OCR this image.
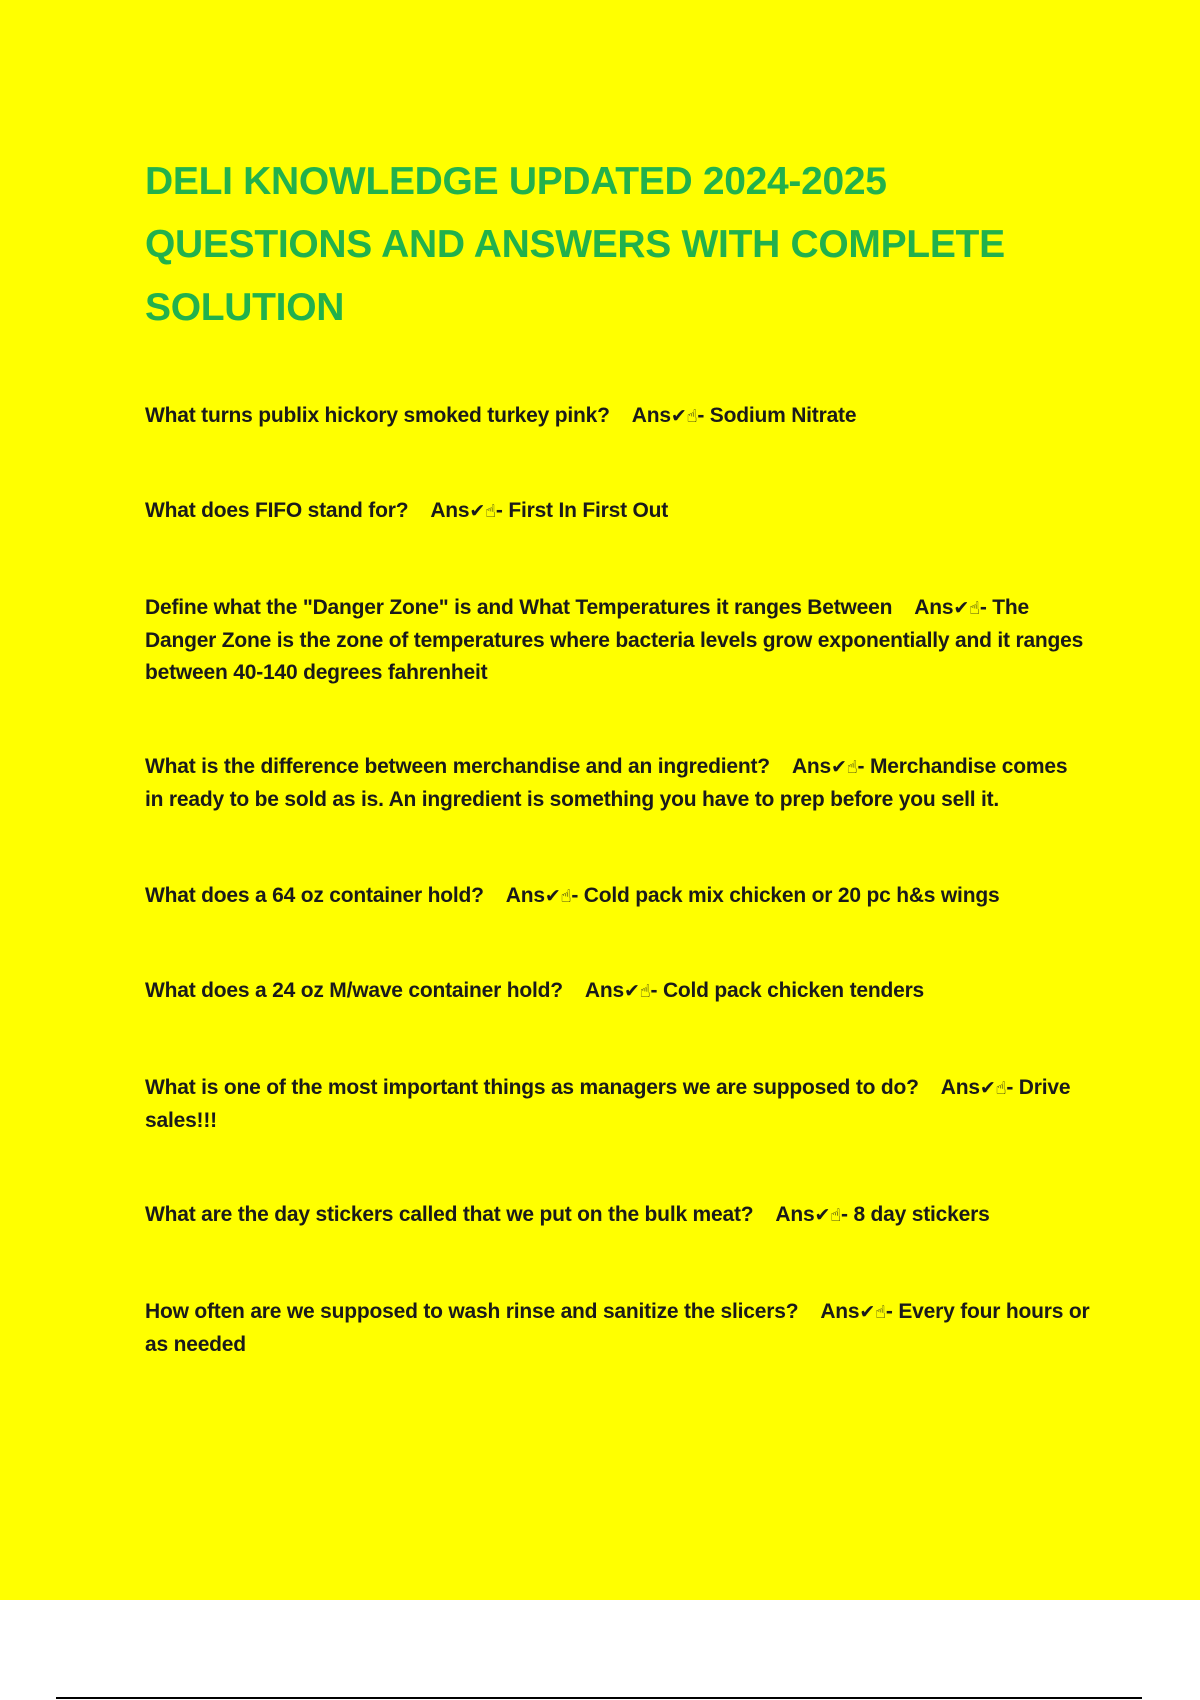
DELI KNOWLEDGE UPDATED 2024-2025 QUESTIONS AND ANSWERS WITH COMPLETE SOLUTION

What turns publix hickory smoked turkey pink? Ans✔☝- Sodium Nitrate

What does FIFO stand for? Ans✔☝- First In First Out

Define what the "Danger Zone" is and What Temperatures it ranges Between Ans✔☝- The Danger Zone is the zone of temperatures where bacteria levels grow exponentially and it ranges between 40-140 degrees fahrenheit

What is the difference between merchandise and an ingredient? Ans✔☝- Merchandise comes in ready to be sold as is. An ingredient is something you have to prep before you sell it.

What does a 64 oz container hold? Ans✔☝- Cold pack mix chicken or 20 pc h&s wings

What does a 24 oz M/wave container hold? Ans✔☝- Cold pack chicken tenders

What is one of the most important things as managers we are supposed to do? Ans✔☝- Drive sales!!!

What are the day stickers called that we put on the bulk meat? Ans✔☝- 8 day stickers

How often are we supposed to wash rinse and sanitize the slicers? Ans✔☝- Every four hours or as needed
